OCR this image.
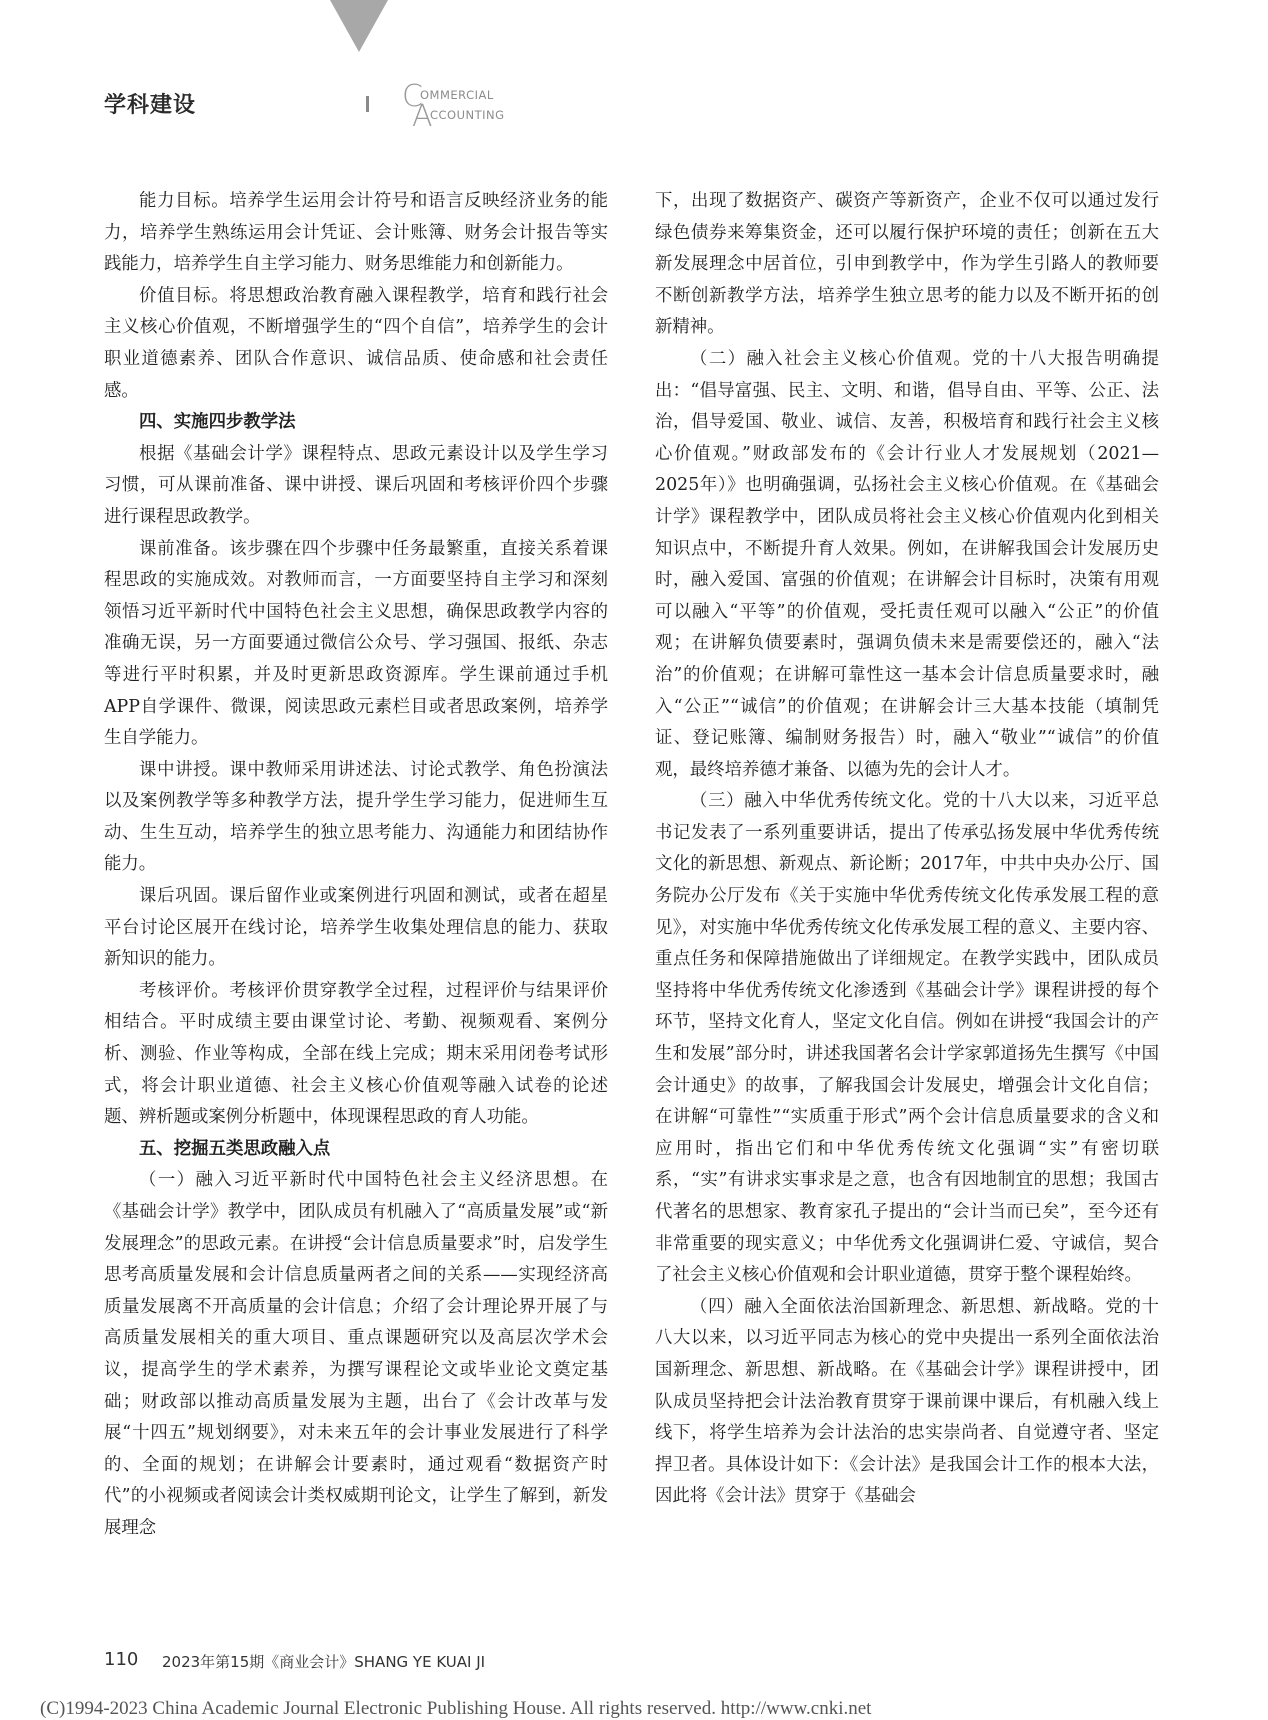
学科建设	C
OMMERCIAL
A
CCOUNTING

能力目标。培养学生运用会计符号和语言反映经济业务的能力，培养学生熟练运用会计凭证、会计账簿、财务会计报告等实践能力，培养学生自主学习能力、财务思维能力和创新能力。

价值目标。将思想政治教育融入课程教学，培育和践行社会主义核心价值观，不断增强学生的“四个自信”，培养学生的会计职业道德素养、团队合作意识、诚信品质、使命感和社会责任感。

四、实施四步教学法

根据《基础会计学》课程特点、思政元素设计以及学生学习习惯，可从课前准备、课中讲授、课后巩固和考核评价四个步骤进行课程思政教学。

课前准备。该步骤在四个步骤中任务最繁重，直接关系着课程思政的实施成效。对教师而言，一方面要坚持自主学习和深刻领悟习近平新时代中国特色社会主义思想，确保思政教学内容的准确无误，另一方面要通过微信公众号、学习强国、报纸、杂志等进行平时积累，并及时更新思政资源库。学生课前通过手机APP自学课件、微课，阅读思政元素栏目或者思政案例，培养学生自学能力。

课中讲授。课中教师采用讲述法、讨论式教学、角色扮演法以及案例教学等多种教学方法，提升学生学习能力，促进师生互动、生生互动，培养学生的独立思考能力、沟通能力和团结协作能力。

课后巩固。课后留作业或案例进行巩固和测试，或者在超星平台讨论区展开在线讨论，培养学生收集处理信息的能力、获取新知识的能力。

考核评价。考核评价贯穿教学全过程，过程评价与结果评价相结合。平时成绩主要由课堂讨论、考勤、视频观看、案例分析、测验、作业等构成，全部在线上完成；期末采用闭卷考试形式，将会计职业道德、社会主义核心价值观等融入试卷的论述题、辨析题或案例分析题中，体现课程思政的育人功能。

五、挖掘五类思政融入点

（一）融入习近平新时代中国特色社会主义经济思想。在《基础会计学》教学中，团队成员有机融入了“高质量发展”或“新发展理念”的思政元素。在讲授“会计信息质量要求”时，启发学生思考高质量发展和会计信息质量两者之间的关系——实现经济高质量发展离不开高质量的会计信息；介绍了会计理论界开展了与高质量发展相关的重大项目、重点课题研究以及高层次学术会议，提高学生的学术素养，为撰写课程论文或毕业论文奠定基础；财政部以推动高质量发展为主题，出台了《会计改革与发展“十四五”规划纲要》，对未来五年的会计事业发展进行了科学的、全面的规划；在讲解会计要素时，通过观看“数据资产时代”的小视频或者阅读会计类权威期刊论文，让学生了解到，新发展理念

下，出现了数据资产、碳资产等新资产，企业不仅可以通过发行绿色债券来筹集资金，还可以履行保护环境的责任；创新在五大新发展理念中居首位，引申到教学中，作为学生引路人的教师要不断创新教学方法，培养学生独立思考的能力以及不断开拓的创新精神。

（二）融入社会主义核心价值观。党的十八大报告明确提出：“倡导富强、民主、文明、和谐，倡导自由、平等、公正、法治，倡导爱国、敬业、诚信、友善，积极培育和践行社会主义核心价值观。”财政部发布的《会计行业人才发展规划（2021—2025年）》也明确强调，弘扬社会主义核心价值观。在《基础会计学》课程教学中，团队成员将社会主义核心价值观内化到相关知识点中，不断提升育人效果。例如，在讲解我国会计发展历史时，融入爱国、富强的价值观；在讲解会计目标时，决策有用观可以融入“平等”的价值观，受托责任观可以融入“公正”的价值观；在讲解负债要素时，强调负债未来是需要偿还的，融入“法治”的价值观；在讲解可靠性这一基本会计信息质量要求时，融入“公正”“诚信”的价值观；在讲解会计三大基本技能（填制凭证、登记账簿、编制财务报告）时，融入“敬业”“诚信”的价值观，最终培养德才兼备、以德为先的会计人才。

（三）融入中华优秀传统文化。党的十八大以来，习近平总书记发表了一系列重要讲话，提出了传承弘扬发展中华优秀传统文化的新思想、新观点、新论断；2017年，中共中央办公厅、国务院办公厅发布《关于实施中华优秀传统文化传承发展工程的意见》，对实施中华优秀传统文化传承发展工程的意义、主要内容、重点任务和保障措施做出了详细规定。在教学实践中，团队成员坚持将中华优秀传统文化渗透到《基础会计学》课程讲授的每个环节，坚持文化育人，坚定文化自信。例如在讲授“我国会计的产生和发展”部分时，讲述我国著名会计学家郭道扬先生撰写《中国会计通史》的故事，了解我国会计发展史，增强会计文化自信；在讲解“可靠性”“实质重于形式”两个会计信息质量要求的含义和应用时，指出它们和中华优秀传统文化强调“实”有密切联系，“实”有讲求实事求是之意，也含有因地制宜的思想；我国古代著名的思想家、教育家孔子提出的“会计当而已矣”，至今还有非常重要的现实意义；中华优秀文化强调讲仁爱、守诚信，契合了社会主义核心价值观和会计职业道德，贯穿于整个课程始终。

（四）融入全面依法治国新理念、新思想、新战略。党的十八大以来，以习近平同志为核心的党中央提出一系列全面依法治国新理念、新思想、新战略。在《基础会计学》课程讲授中，团队成员坚持把会计法治教育贯穿于课前课中课后，有机融入线上线下，将学生培养为会计法治的忠实崇尚者、自觉遵守者、坚定捍卫者。具体设计如下：《会计法》是我国会计工作的根本大法，因此将《会计法》贯穿于《基础会

110 2023年第15期《商业会计》SHANG YE KUAI JI
(C)1994-2023 China Academic Journal Electronic Publishing House. All rights reserved. http://www.cnki.net
